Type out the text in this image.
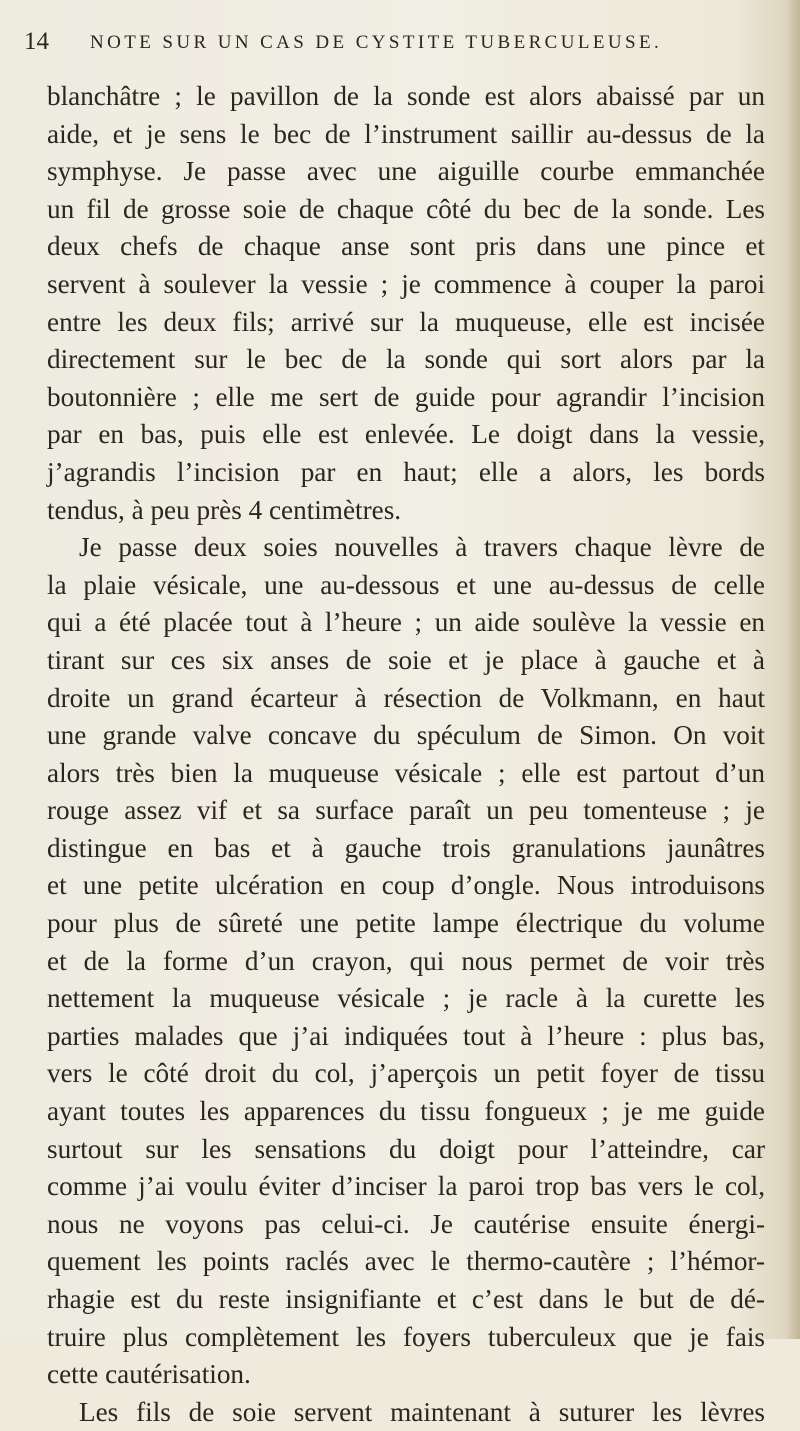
14 NOTE SUR UN CAS DE CYSTITE TUBERCULEUSE.
blanchâtre ; le pavillon de la sonde est alors abaissé par un
aide, et je sens le bec de l’instrument saillir au-dessus de la
symphyse. Je passe avec une aiguille courbe emmanchée
un fil de grosse soie de chaque côté du bec de la sonde. Les
deux chefs de chaque anse sont pris dans une pince et
servent à soulever la vessie ; je commence à couper la paroi
entre les deux fils; arrivé sur la muqueuse, elle est incisée
directement sur le bec de la sonde qui sort alors par la
boutonnière ; elle me sert de guide pour agrandir l’incision
par en bas, puis elle est enlevée. Le doigt dans la vessie,
j’agrandis l’incision par en haut; elle a alors, les bords
tendus, à peu près 4 centimètres.
Je passe deux soies nouvelles à travers chaque lèvre de
la plaie vésicale, une au-dessous et une au-dessus de celle
qui a été placée tout à l’heure ; un aide soulève la vessie en
tirant sur ces six anses de soie et je place à gauche et à
droite un grand écarteur à résection de Volkmann, en haut
une grande valve concave du spéculum de Simon. On voit
alors très bien la muqueuse vésicale ; elle est partout d’un
rouge assez vif et sa surface paraît un peu tomenteuse ; je
distingue en bas et à gauche trois granulations jaunâtres
et une petite ulcération en coup d’ongle. Nous introduisons
pour plus de sûreté une petite lampe électrique du volume
et de la forme d’un crayon, qui nous permet de voir très
nettement la muqueuse vésicale ; je racle à la curette les
parties malades que j’ai indiquées tout à l’heure : plus bas,
vers le côté droit du col, j’aperçois un petit foyer de tissu
ayant toutes les apparences du tissu fongueux ; je me guide
surtout sur les sensations du doigt pour l’atteindre, car
comme j’ai voulu éviter d’inciser la paroi trop bas vers le col,
nous ne voyons pas celui-ci. Je cautérise ensuite énergi-
quement les points raclés avec le thermo-cautère ; l’hémor-
rhagie est du reste insignifiante et c’est dans le but de dé-
truire plus complètement les foyers tuberculeux que je fais
cette cautérisation.
Les fils de soie servent maintenant à suturer les lèvres
